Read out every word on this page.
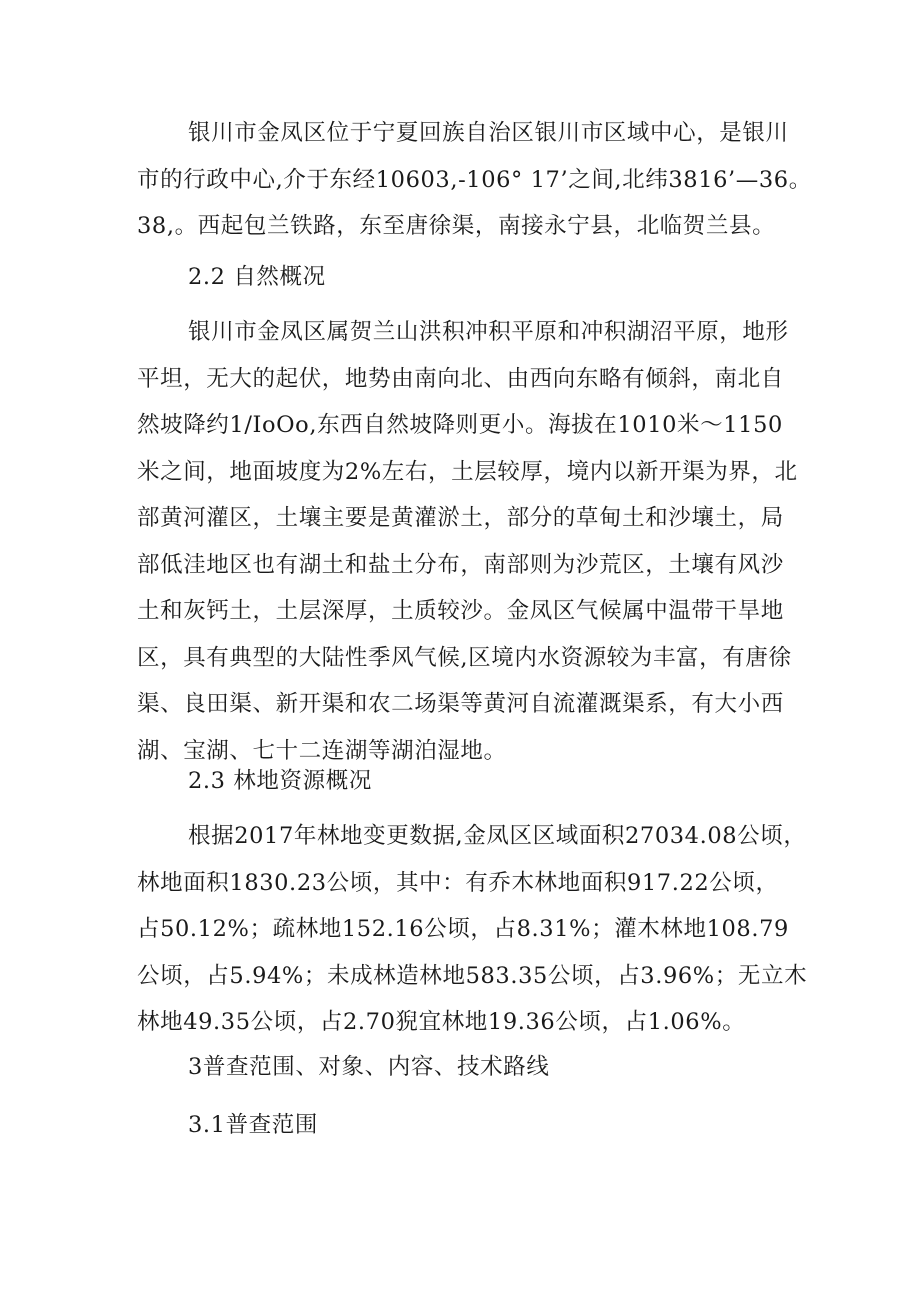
银川市金凤区位于宁夏回族自治区银川市区域中心，是银川
市的行政中心,介于东经10603,-106° 17’之间,北纬3816’—36。
38,。西起包兰铁路，东至唐徐渠，南接永宁县，北临贺兰县。
2.2 自然概况
银川市金凤区属贺兰山洪积冲积平原和冲积湖沼平原，地形
平坦，无大的起伏，地势由南向北、由西向东略有倾斜，南北自
然坡降约1/IoOo,东西自然坡降则更小。海拔在1010米～1150
米之间，地面坡度为2%左右，土层较厚，境内以新开渠为界，北
部黄河灌区，土壤主要是黄灌淤土，部分的草甸土和沙壤土，局
部低洼地区也有湖土和盐土分布，南部则为沙荒区，土壤有风沙
土和灰钙土，土层深厚，土质较沙。金凤区气候属中温带干旱地
区，具有典型的大陆性季风气候,区境内水资源较为丰富，有唐徐
渠、良田渠、新开渠和农二场渠等黄河自流灌溉渠系，有大小西
湖、宝湖、七十二连湖等湖泊湿地。
2.3 林地资源概况
根据2017年林地变更数据,金凤区区域面积27034.08公顷，
林地面积1830.23公顷，其中：有乔木林地面积917.22公顷，
占50.12%；疏林地152.16公顷，占8.31%；灌木林地108.79
公顷，占5.94%；未成林造林地583.35公顷，占3.96%；无立木
林地49.35公顷，占2.70猊宜林地19.36公顷，占1.06%。
3普查范围、对象、内容、技术路线
3.1普查范围
